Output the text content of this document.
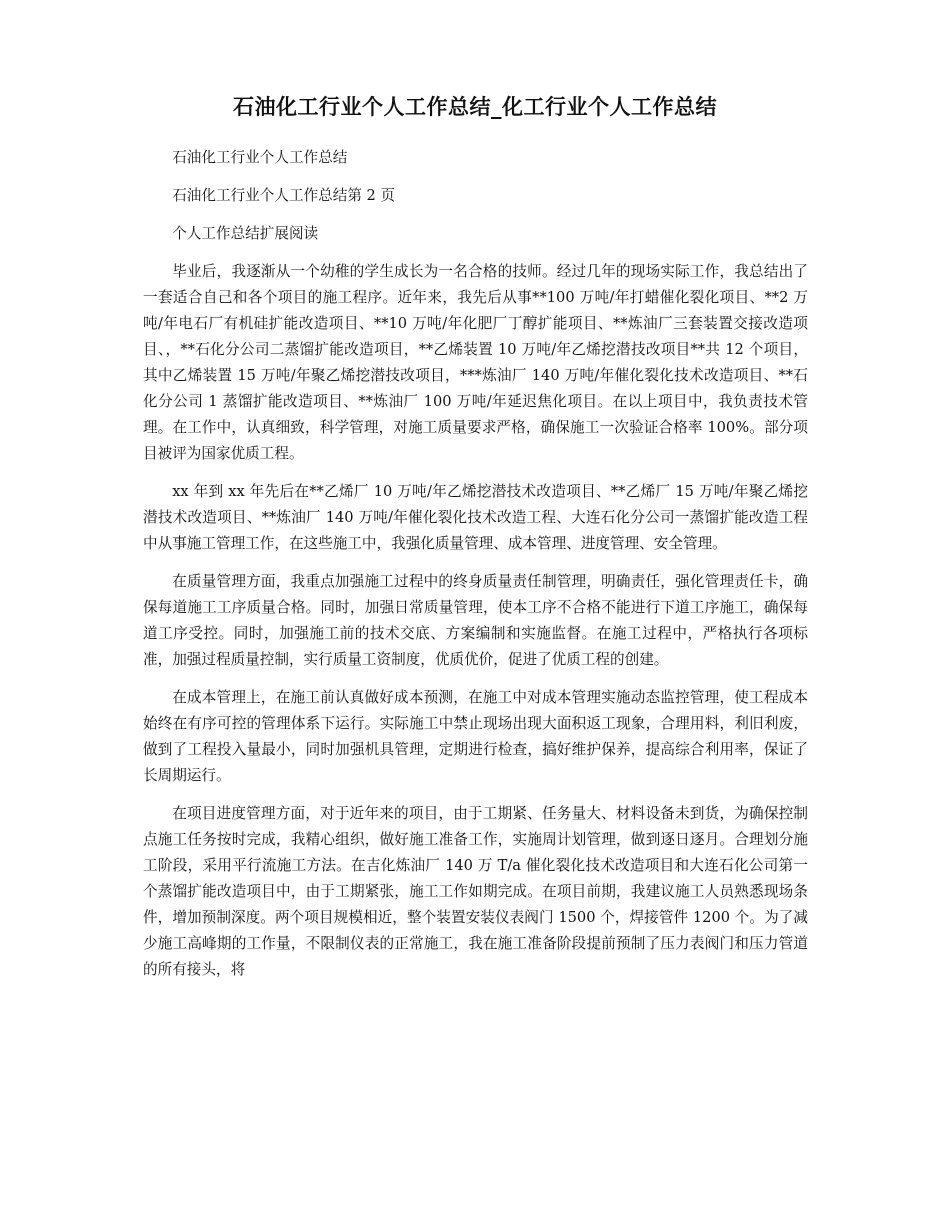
石油化工行业个人工作总结_化工行业个人工作总结

石油化工行业个人工作总结

石油化工行业个人工作总结第 2 页

个人工作总结扩展阅读

毕业后，我逐渐从一个幼稚的学生成长为一名合格的技师。经过几年的现场实际工作，我总结出了一套适合自己和各个项目的施工程序。近年来，我先后从事**100 万吨/年打蜡催化裂化项目、**2 万吨/年电石厂有机硅扩能改造项目、**10 万吨/年化肥厂丁醇扩能项目、**炼油厂三套装置交接改造项目、，**石化分公司二蒸馏扩能改造项目，**乙烯装置 10 万吨/年乙烯挖潜技改项目**共 12 个项目，其中乙烯装置 15 万吨/年聚乙烯挖潜技改项目，***炼油厂 140 万吨/年催化裂化技术改造项目、**石化分公司 1 蒸馏扩能改造项目、**炼油厂 100 万吨/年延迟焦化项目。在以上项目中，我负责技术管理。在工作中，认真细致，科学管理，对施工质量要求严格，确保施工一次验证合格率 100%。部分项目被评为国家优质工程。

xx 年到 xx 年先后在**乙烯厂 10 万吨/年乙烯挖潜技术改造项目、**乙烯厂 15 万吨/年聚乙烯挖潜技术改造项目、**炼油厂 140 万吨/年催化裂化技术改造工程、大连石化分公司一蒸馏扩能改造工程中从事施工管理工作，在这些施工中，我强化质量管理、成本管理、进度管理、安全管理。

在质量管理方面，我重点加强施工过程中的终身质量责任制管理，明确责任，强化管理责任卡，确保每道施工工序质量合格。同时，加强日常质量管理，使本工序不合格不能进行下道工序施工，确保每道工序受控。同时，加强施工前的技术交底、方案编制和实施监督。在施工过程中，严格执行各项标准，加强过程质量控制，实行质量工资制度，优质优价，促进了优质工程的创建。

在成本管理上，在施工前认真做好成本预测，在施工中对成本管理实施动态监控管理，使工程成本始终在有序可控的管理体系下运行。实际施工中禁止现场出现大面积返工现象，合理用料，利旧利废，做到了工程投入量最小，同时加强机具管理，定期进行检查，搞好维护保养，提高综合利用率，保证了长周期运行。

在项目进度管理方面，对于近年来的项目，由于工期紧、任务量大、材料设备未到货，为确保控制点施工任务按时完成，我精心组织，做好施工准备工作，实施周计划管理，做到逐日逐月。合理划分施工阶段，采用平行流施工方法。在吉化炼油厂 140 万 T/a 催化裂化技术改造项目和大连石化公司第一个蒸馏扩能改造项目中，由于工期紧张，施工工作如期完成。在项目前期，我建议施工人员熟悉现场条件，增加预制深度。两个项目规模相近，整个装置安装仪表阀门 1500 个，焊接管件 1200 个。为了减少施工高峰期的工作量，不限制仪表的正常施工，我在施工准备阶段提前预制了压力表阀门和压力管道的所有接头，将
